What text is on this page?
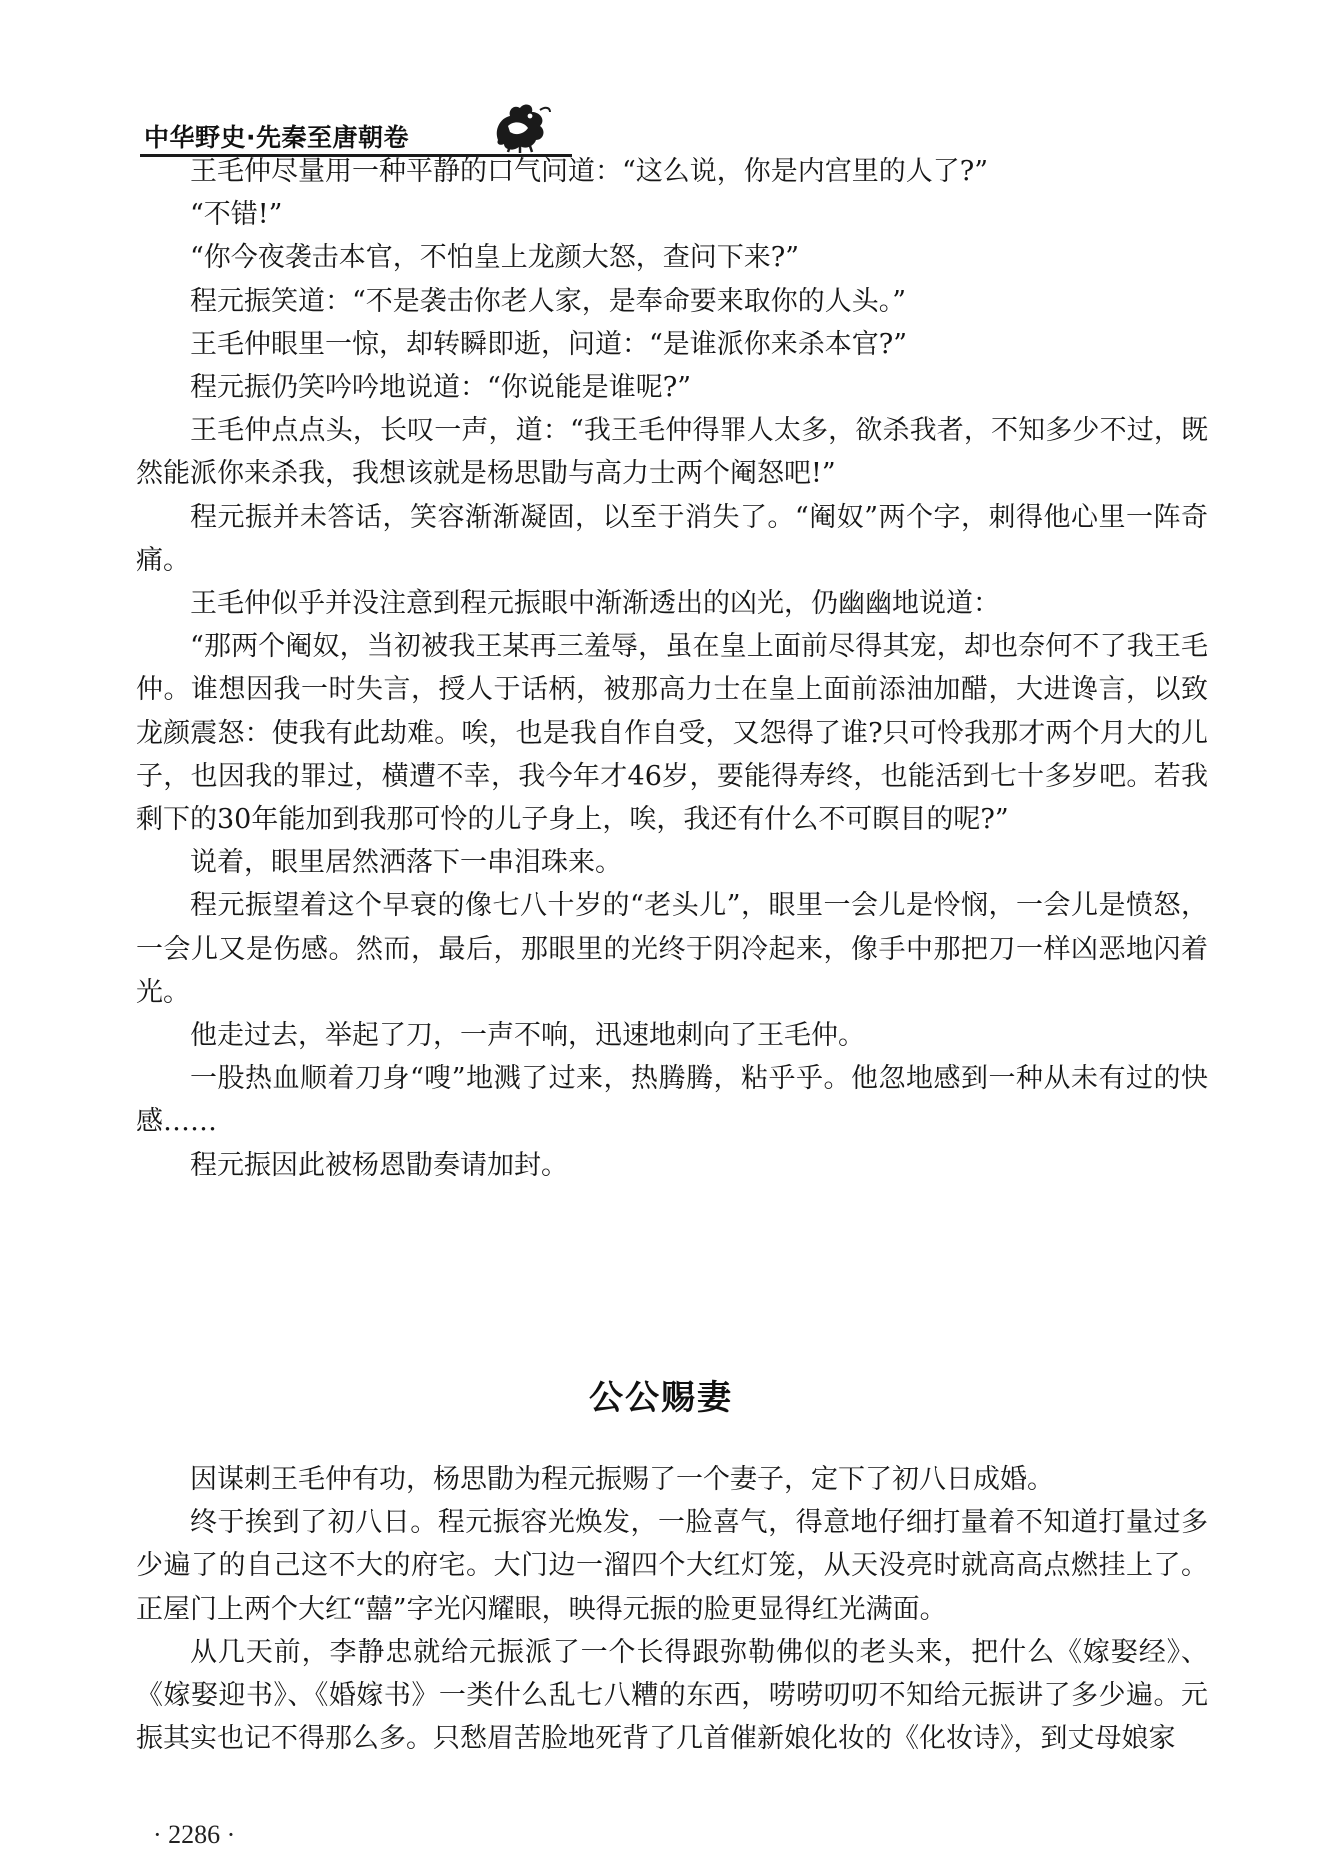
中华野史·先秦至唐朝卷

王毛仲尽量用一种平静的口气问道：“这么说，你是内宫里的人了?”

“不错!”

“你今夜袭击本官，不怕皇上龙颜大怒，查问下来?”

程元振笑道：“不是袭击你老人家，是奉命要来取你的人头。”

王毛仲眼里一惊，却转瞬即逝，问道：“是谁派你来杀本官?”

程元振仍笑吟吟地说道：“你说能是谁呢?”

王毛仲点点头，长叹一声，道：“我王毛仲得罪人太多，欲杀我者，不知多少不过，既然能派你来杀我，我想该就是杨思勖与高力士两个阉怒吧!”

程元振并未答话，笑容渐渐凝固，以至于消失了。“阉奴”两个字，刺得他心里一阵奇痛。

王毛仲似乎并没注意到程元振眼中渐渐透出的凶光，仍幽幽地说道：

“那两个阉奴，当初被我王某再三羞辱，虽在皇上面前尽得其宠，却也奈何不了我王毛仲。谁想因我一时失言，授人于话柄，被那高力士在皇上面前添油加醋，大进谗言，以致龙颜震怒：使我有此劫难。唉，也是我自作自受，又怨得了谁?只可怜我那才两个月大的儿子，也因我的罪过，横遭不幸，我今年才46岁，要能得寿终，也能活到七十多岁吧。若我剩下的30年能加到我那可怜的儿子身上，唉，我还有什么不可瞑目的呢?”

说着，眼里居然洒落下一串泪珠来。

程元振望着这个早衰的像七八十岁的“老头儿”，眼里一会儿是怜悯，一会儿是愤怒，一会儿又是伤感。然而，最后，那眼里的光终于阴冷起来，像手中那把刀一样凶恶地闪着光。

他走过去，举起了刀，一声不响，迅速地刺向了王毛仲。

一股热血顺着刀身“嗖”地溅了过来，热腾腾，粘乎乎。他忽地感到一种从未有过的快感……

程元振因此被杨恩勖奏请加封。

公公赐妻

因谋刺王毛仲有功，杨思勖为程元振赐了一个妻子，定下了初八日成婚。

终于挨到了初八日。程元振容光焕发，一脸喜气，得意地仔细打量着不知道打量过多少遍了的自己这不大的府宅。大门边一溜四个大红灯笼，从天没亮时就高高点燃挂上了。正屋门上两个大红“囍”字光闪耀眼，映得元振的脸更显得红光满面。

从几天前，李静忠就给元振派了一个长得跟弥勒佛似的老头来，把什么《嫁娶经》、《嫁娶迎书》、《婚嫁书》一类什么乱七八糟的东西，唠唠叨叨不知给元振讲了多少遍。元振其实也记不得那么多。只愁眉苦脸地死背了几首催新娘化妆的《化妆诗》，到丈母娘家

· 2286 ·
